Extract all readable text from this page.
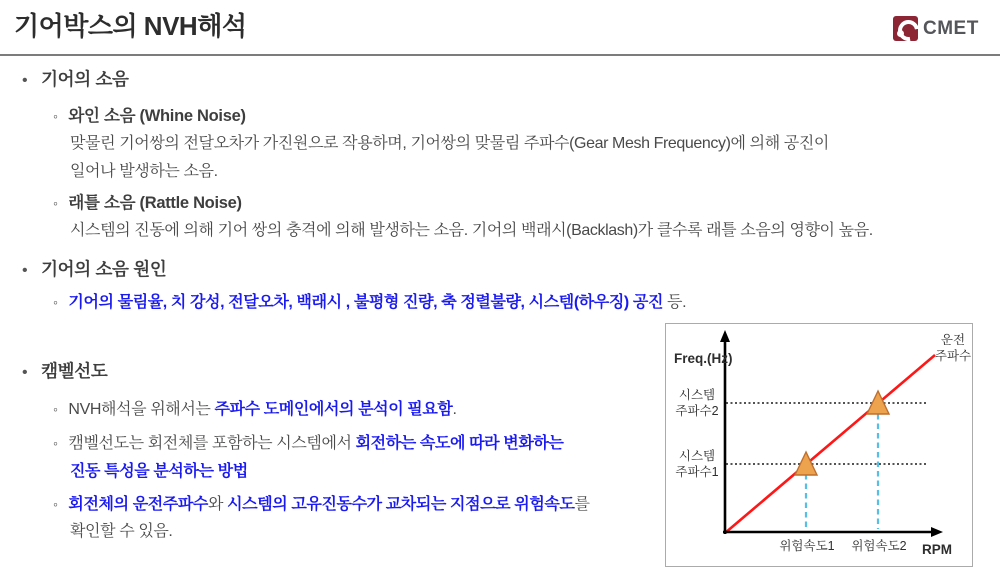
기어박스의 NVH해석	CMET
• 기어의 소음
◦ 와인 소음 (Whine Noise)
맞물린 기어쌍의 전달오차가 가진원으로 작용하며, 기어쌍의 맞물림 주파수(Gear Mesh Frequency)에 의해 공진이
일어나 발생하는 소음.
◦ 래틀 소음 (Rattle Noise)
시스템의 진동에 의해 기어 쌍의 충격에 의해 발생하는 소음. 기어의 백래시(Backlash)가 클수록 래틀 소음의 영향이 높음.
• 기어의 소음 원인
◦ 기어의 물림율, 치 강성, 전달오차, 백래시 , 불평형 진량, 축 정렬불량, 시스템(하우징) 공진 등.
• 캠벨선도
◦ NVH해석을 위해서는 주파수 도메인에서의 분석이 필요함.
◦ 캠벨선도는 회전체를 포함하는 시스템에서 회전하는 속도에 따라 변화하는
진동 특성을 분석하는 방법
◦ 회전체의 운전주파수와 시스템의 고유진동수가 교차되는 지점으로 위험속도를
확인할 수 있음.
Freq.(Hz)
RPM
운전
주파수
시스템
주파수2
시스템
주파수1
위험속도1 위험속도2
